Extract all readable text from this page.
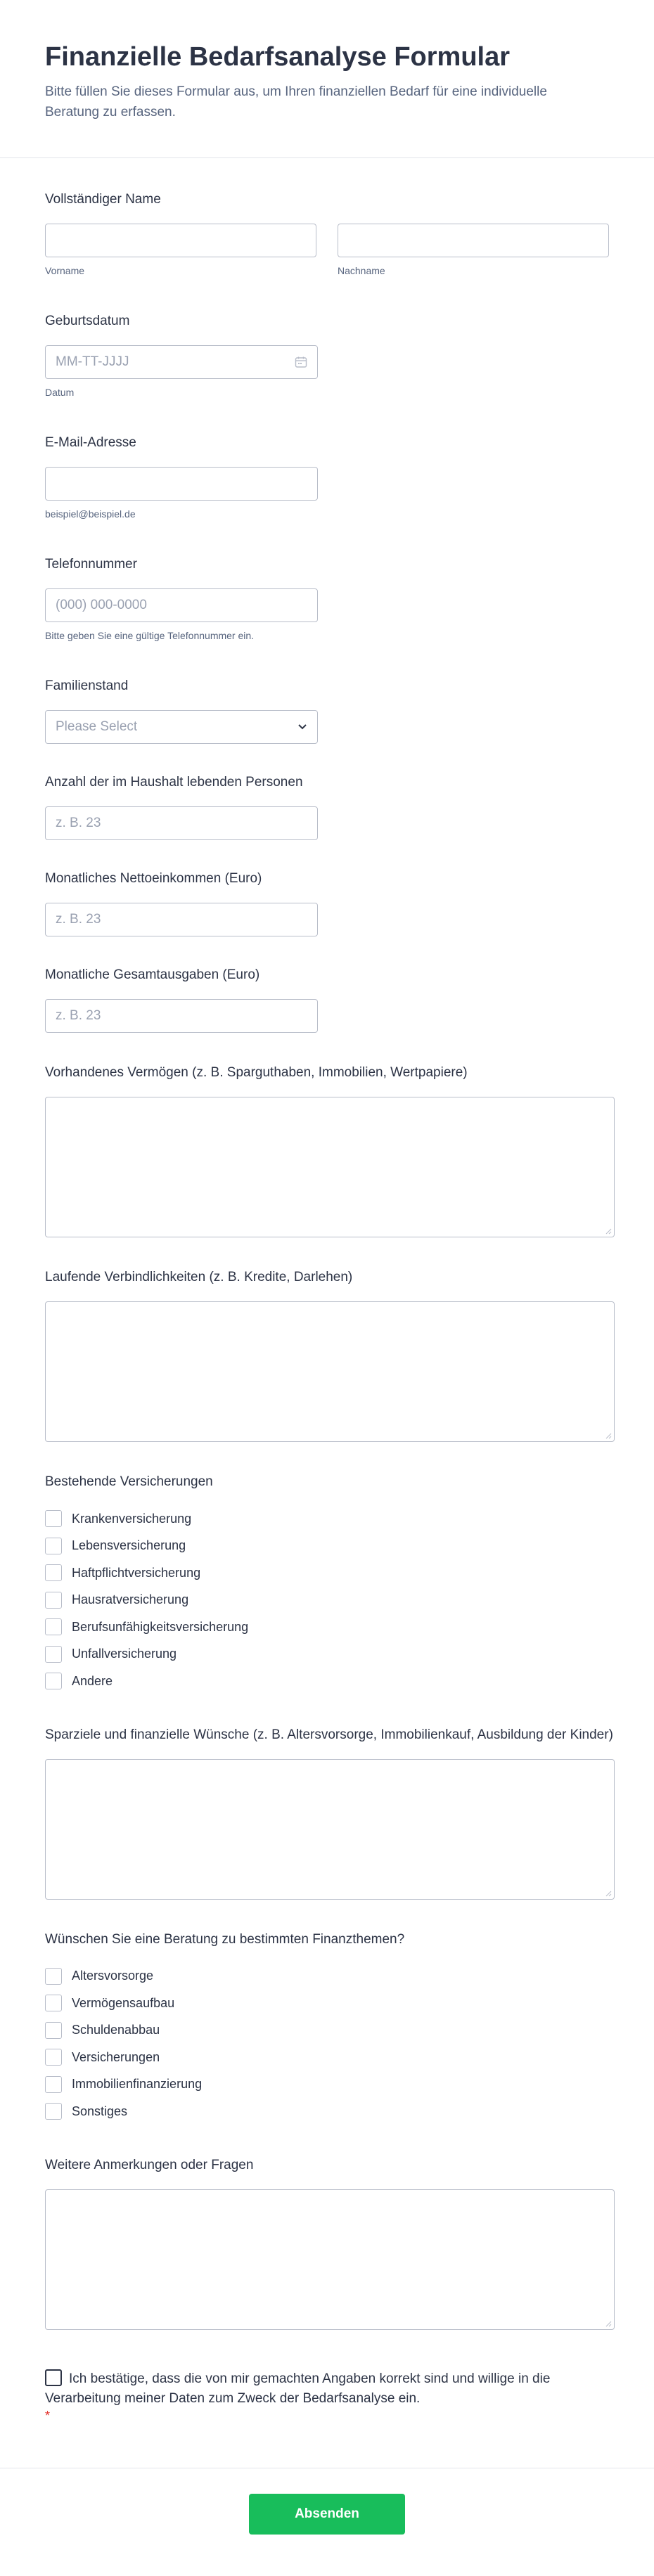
Finanzielle Bedarfsanalyse Formular

Bitte füllen Sie dieses Formular aus, um Ihren finanziellen Bedarf für eine individuelle Beratung zu erfassen.

Vollständiger Name
Vorname	Nachname
Geburtsdatum
MM-TT-JJJJ
Datum
E-Mail-Adresse
beispiel@beispiel.de
Telefonnummer
(000) 000-0000
Bitte geben Sie eine gültige Telefonnummer ein.
Familienstand
Please Select
Anzahl der im Haushalt lebenden Personen
z. B. 23
Monatliches Nettoeinkommen (Euro)
z. B. 23
Monatliche Gesamtausgaben (Euro)
z. B. 23
Vorhandenes Vermögen (z. B. Sparguthaben, Immobilien, Wertpapiere)
Laufende Verbindlichkeiten (z. B. Kredite, Darlehen)
Bestehende Versicherungen
Krankenversicherung
Lebensversicherung
Haftpflichtversicherung
Hausratversicherung
Berufsunfähigkeitsversicherung
Unfallversicherung
Andere
Sparziele und finanzielle Wünsche (z. B. Altersvorsorge, Immobilienkauf, Ausbildung der Kinder)
Wünschen Sie eine Beratung zu bestimmten Finanzthemen?
Altersvorsorge
Vermögensaufbau
Schuldenabbau
Versicherungen
Immobilienfinanzierung
Sonstiges
Weitere Anmerkungen oder Fragen
Ich bestätige, dass die von mir gemachten Angaben korrekt sind und willige in die Verarbeitung meiner Daten zum Zweck der Bedarfsanalyse ein.
*
Absenden
